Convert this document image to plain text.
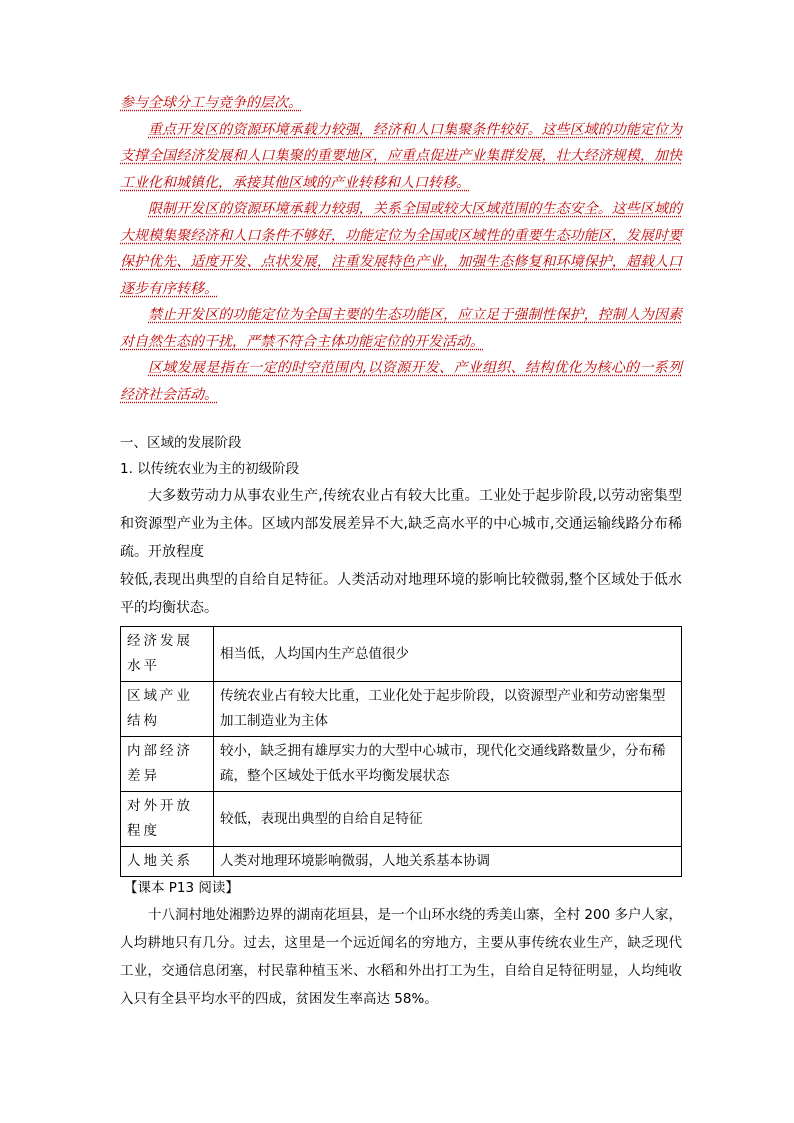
参与全球分工与竞争的层次。

重点开发区的资源环境承载力较强，经济和人口集聚条件较好。这些区域的功能定位为支撑全国经济发展和人口集聚的重要地区，应重点促进产业集群发展，壮大经济规模，加快工业化和城镇化，承接其他区域的产业转移和人口转移。

限制开发区的资源环境承载力较弱，关系全国或较大区域范围的生态安全。这些区域的大规模集聚经济和人口条件不够好，功能定位为全国或区域性的重要生态功能区，发展时要保护优先、适度开发、点状发展，注重发展特色产业，加强生态修复和环境保护，超载人口逐步有序转移。

禁止开发区的功能定位为全国主要的生态功能区，应立足于强制性保护，控制人为因素对自然生态的干扰，严禁不符合主体功能定位的开发活动。

区域发展是指在一定的时空范围内,以资源开发、产业组织、结构优化为核心的一系列经济社会活动。

一、区域的发展阶段

1. 以传统农业为主的初级阶段

大多数劳动力从事农业生产,传统农业占有较大比重。工业处于起步阶段,以劳动密集型和资源型产业为主体。区域内部发展差异不大,缺乏高水平的中心城市,交通运输线路分布稀疏。开放程度

较低,表现出典型的自给自足特征。人类活动对地理环境的影响比较微弱,整个区域处于低水平的均衡状态。

经济发展水平	相当低，人均国内生产总值很少
区域产业结构	传统农业占有较大比重，工业化处于起步阶段，以资源型产业和劳动密集型加工制造业为主体
内部经济差异	较小，缺乏拥有雄厚实力的大型中心城市，现代化交通线路数量少，分布稀疏，整个区域处于低水平均衡发展状态
对外开放程度	较低，表现出典型的自给自足特征
人地关系	人类对地理环境影响微弱，人地关系基本协调

【课本 P13 阅读】

十八洞村地处湘黔边界的湖南花垣县，是一个山环水绕的秀美山寨，全村 200 多户人家，人均耕地只有几分。过去，这里是一个远近闻名的穷地方，主要从事传统农业生产，缺乏现代工业，交通信息闭塞，村民靠种植玉米、水稻和外出打工为生，自给自足特征明显，人均纯收入只有全县平均水平的四成，贫困发生率高达 58%。
